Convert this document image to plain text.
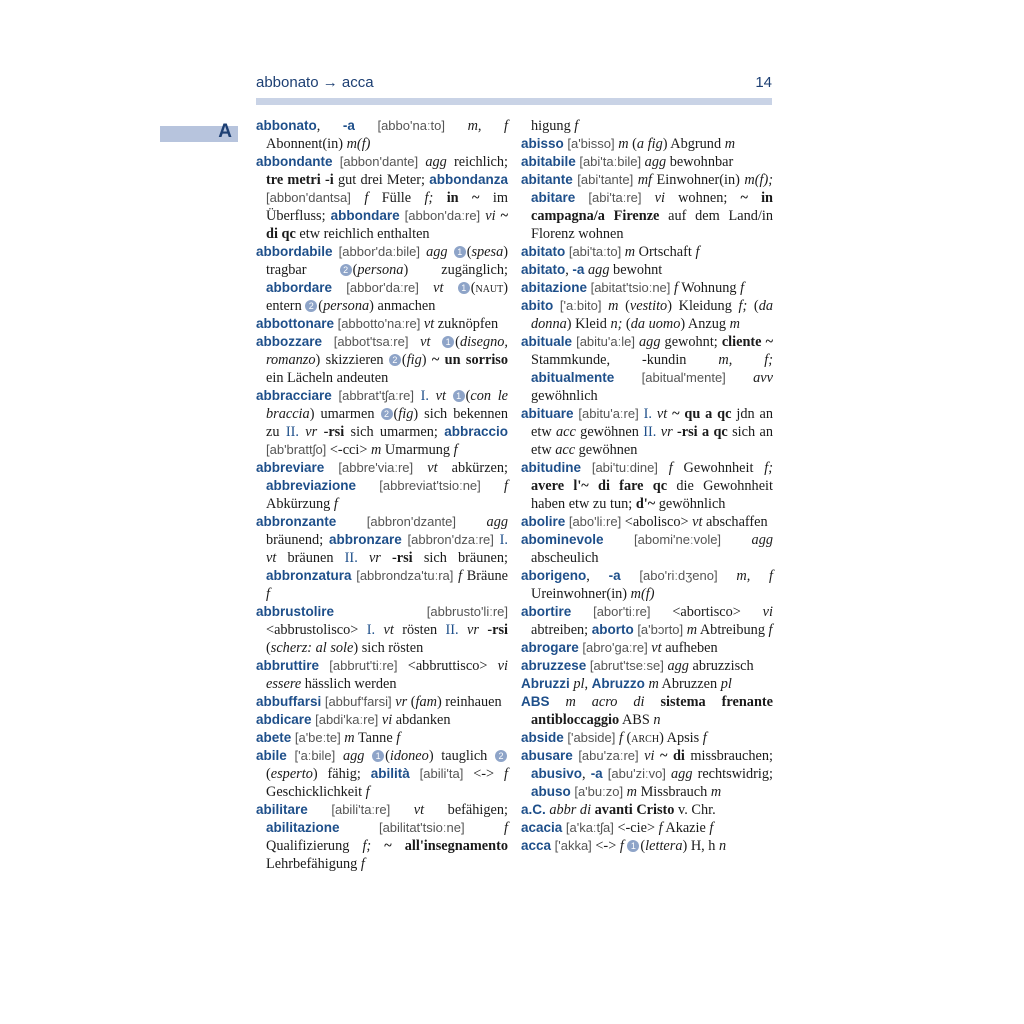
abbonato → acca	14
A abbonato, -a [abbo'naːto] m, f Abonnent(in) m(f)

abbondante [abbon'dante] agg reichlich; tre metri -i gut drei Meter; abbondanza [abbon'dantsa] f Fülle f; in ~ im Überfluss; abbondare [abbon'daːre] vi ~ di qc etw reichlich enthalten

abbordabile [abbor'daːbile] agg 1 (spesa) tragbar 2 (persona) zugänglich; abbordare [abbor'daːre] vt 1 (naut) entern 2 (persona) anmachen

abbottonare [abbotto'naːre] vt zuknöpfen

abbozzare [abbot'tsaːre] vt 1 (disegno, romanzo) skizzieren 2 (fig) ~ un sorriso ein Lächeln andeuten

abbracciare [abbrat'tʃaːre] I. vt 1 (con le braccia) umarmen 2 (fig) sich bekennen zu II. vr -rsi sich umarmen; abbraccio [ab'brattʃo] <-cci> m Umarmung f

abbreviare [abbre'viaːre] vt abkürzen; abbreviazione [abbreviat'tsioːne] f Abkürzung f

abbronzante [abbron'dzante] agg bräunend; abbronzare [abbron'dzaːre] I. vt bräunen II. vr -rsi sich bräunen; abbronzatura [abbrondza'tuːra] f Bräune f

abbrustolire	[abbrusto'liːre] <abbrustolisco> I. vt rösten II. vr -rsi (scherz: al sole) sich rösten

abbruttire [abbrut'tiːre] <abbruttisco> vi essere hässlich werden

abbuffarsi [abbuf'farsi] vr (fam) reinhauen

abdicare [abdi'kaːre] vi abdanken

abete [a'beːte] m Tanne f

abile ['aːbile] agg 1 (idoneo) tauglich 2(esperto) fähig; abilità [abili'ta] <-> f Geschicklichkeit f

abilitare [abili'taːre] vt befähigen; abilitazione	[abilitat'tsioːne]	f Qualifizierung f; ~ all'insegnamento Lehrbefähigung f

higung f

abisso [a'bisso] m (a fig) Abgrund m

abitabile [abi'taːbile] agg bewohnbar

abitante [abi'tante] mf Einwohner(in) m(f); abitare [abi'taːre] vi wohnen; ~ in campagna/a Firenze auf dem Land/in Florenz wohnen

abitato [abi'taːto] m Ortschaft f

abitato, -a agg bewohnt

abitazione [abitat'tsioːne] f Wohnung f

abito ['aːbito] m (vestito) Kleidung f; (da donna) Kleid n; (da uomo) Anzug m

abituale [abitu'aːle] agg gewohnt; cliente ~ Stammkunde, -kundin m, f; abitualmente [abitual'mente] avv gewöhnlich

abituare [abitu'aːre] I. vt ~ qu a qc jdn an etw acc gewöhnen II. vr -rsi a qc sich an etw acc gewöhnen

abitudine [abi'tuːdine] f Gewohnheit f; avere l'~ di fare qc die Gewohnheit haben etw zu tun; d'~ gewöhnlich

abolire [abo'liːre] <abolisco> vt abschaffen

abominevole [abomi'neːvole] agg abscheulich

aborigeno, -a [abo'riːdʒeno] m, f Ureinwohner(in) m(f)

abortire [abor'tiːre] <abortisco> vi abtreiben; aborto [a'bɔrto] m Abtreibung f

abrogare [abro'gaːre] vt aufheben

abruzzese [abrut'tseːse] agg abruzzisch

Abruzzi pl, Abruzzo m Abruzzen pl

ABS m acro di sistema frenante antibloccaggio ABS n

abside ['abside] f (arch) Apsis f

abusare [abu'zaːre] vi ~ di missbrauchen; abusivo, -a [abu'ziːvo] agg rechtswidrig; abuso [a'buːzo] m Missbrauch m

a.C. abbr di avanti Cristo v. Chr.

acacia [a'kaːtʃa] <-cie> f Akazie f

acca ['akka] <-> f 1 (lettera) H, h n
